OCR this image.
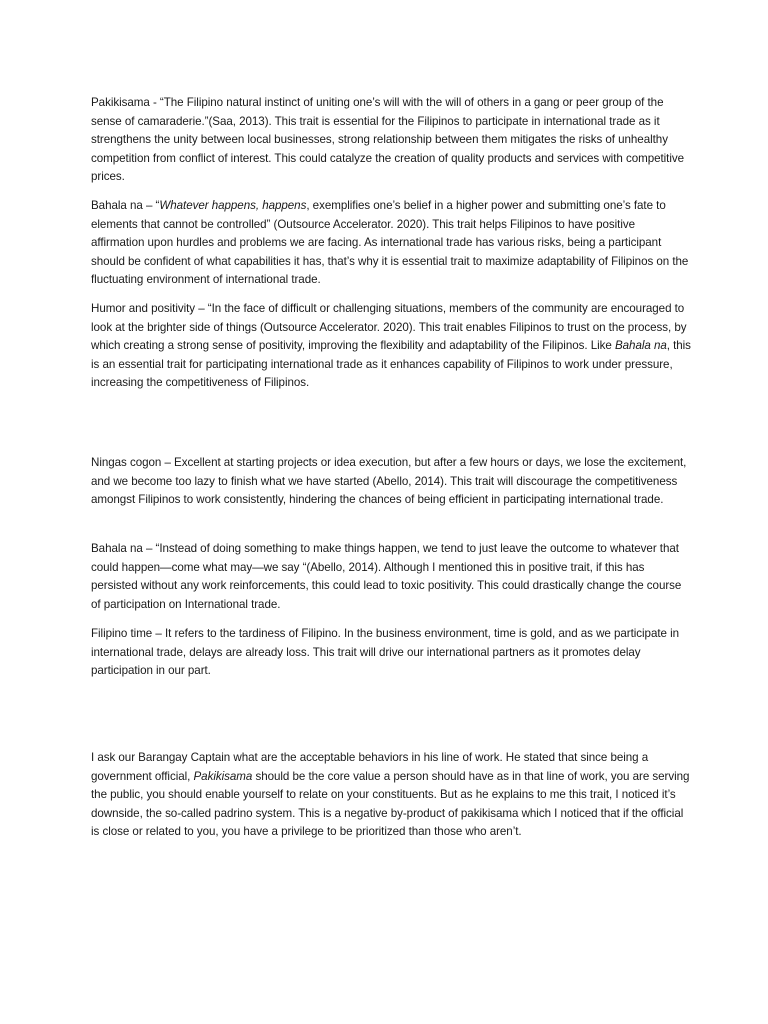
Pakikisama - “The Filipino natural instinct of uniting one’s will with the will of others in a gang or peer group of the sense of camaraderie.”(Saa, 2013). This trait is essential for the Filipinos to participate in international trade as it strengthens the unity between local businesses, strong relationship between them mitigates the risks of unhealthy competition from conflict of interest. This could catalyze the creation of quality products and services with competitive prices.

Bahala na – “Whatever happens, happens, exemplifies one’s belief in a higher power and submitting one’s fate to elements that cannot be controlled” (Outsource Accelerator. 2020). This trait helps Filipinos to have positive affirmation upon hurdles and problems we are facing. As international trade has various risks, being a participant should be confident of what capabilities it has, that’s why it is essential trait to maximize adaptability of Filipinos on the fluctuating environment of international trade.

Humor and positivity – “In the face of difficult or challenging situations, members of the community are encouraged to look at the brighter side of things (Outsource Accelerator. 2020). This trait enables Filipinos to trust on the process, by which creating a strong sense of positivity, improving the flexibility and adaptability of the Filipinos. Like Bahala na, this is an essential trait for participating international trade as it enhances capability of Filipinos to work under pressure, increasing the competitiveness of Filipinos.

Ningas cogon – Excellent at starting projects or idea execution, but after a few hours or days, we lose the excitement, and we become too lazy to finish what we have started (Abello, 2014). This trait will discourage the competitiveness amongst Filipinos to work consistently, hindering the chances of being efficient in participating international trade.

Bahala na – “Instead of doing something to make things happen, we tend to just leave the outcome to whatever that could happen—come what may—we say “(Abello, 2014). Although I mentioned this in positive trait, if this has persisted without any work reinforcements, this could lead to toxic positivity. This could drastically change the course of participation on International trade.

Filipino time – It refers to the tardiness of Filipino. In the business environment, time is gold, and as we participate in international trade, delays are already loss. This trait will drive our international partners as it promotes delay participation in our part.

I ask our Barangay Captain what are the acceptable behaviors in his line of work. He stated that since being a government official, Pakikisama should be the core value a person should have as in that line of work, you are serving the public, you should enable yourself to relate on your constituents. But as he explains to me this trait, I noticed it’s downside, the so-called padrino system. This is a negative by-product of pakikisama which I noticed that if the official is close or related to you, you have a privilege to be prioritized than those who aren’t.
